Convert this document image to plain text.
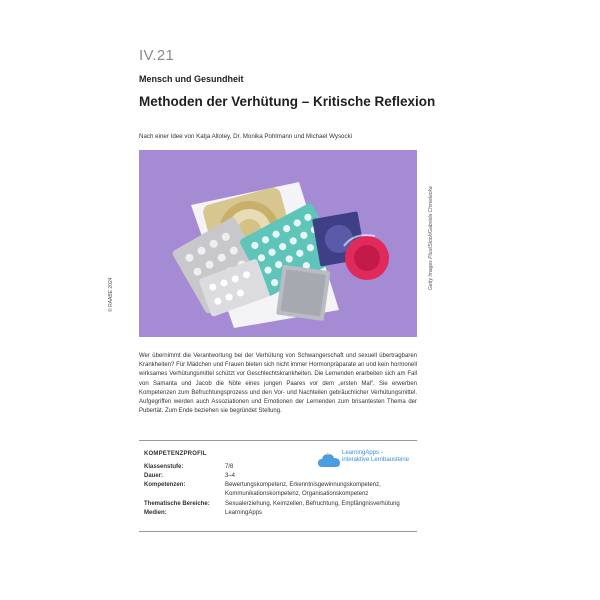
IV.21
Mensch und Gesundheit
Methoden der Verhütung – Kritische Reflexion
Nach einer Idee von Katja Allotey, Dr. Monika Pohlmann und Michael Wysocki
Getty Images Plus/iStock/Gabriela Chmielecka
© RAABE 2024
Wer übernimmt die Verantwortung bei der Verhütung von Schwangerschaft und sexuell übertragbaren Krankheiten? Für Mädchen und Frauen bieten sich nicht immer Hormonpräparate an und kein hormonell wirksames Verhütungsmittel schützt vor Geschlechtskrankheiten. Die Lernenden erarbeiten sich am Fall von Samanta und Jacob die Nöte eines jungen Paares vor dem „ersten Mal“. Sie erwerben Kompetenzen zum Befruchtungsprozess und den Vor- und Nachteilen gebräuchlicher Verhütungsmittel. Aufgegriffen werden auch Assoziationen und Emotionen der Lernenden zum brisantesten Thema der Pubertät. Zum Ende beziehen sie begründet Stellung.
KOMPETENZPROFIL	LearningApps -
interaktive Lernbausteine
Klassenstufe:	7/8
Dauer:	3–4
Kompetenzen:	Bewertungskompetenz, Erkenntnisgewinnungskompetenz,
Kommunikationskompetenz, Organisationskompetenz
Thematische Bereiche:	Sexualerziehung, Keimzellen, Befruchtung, Empfängnisverhütung
Medien:	LearningApps
